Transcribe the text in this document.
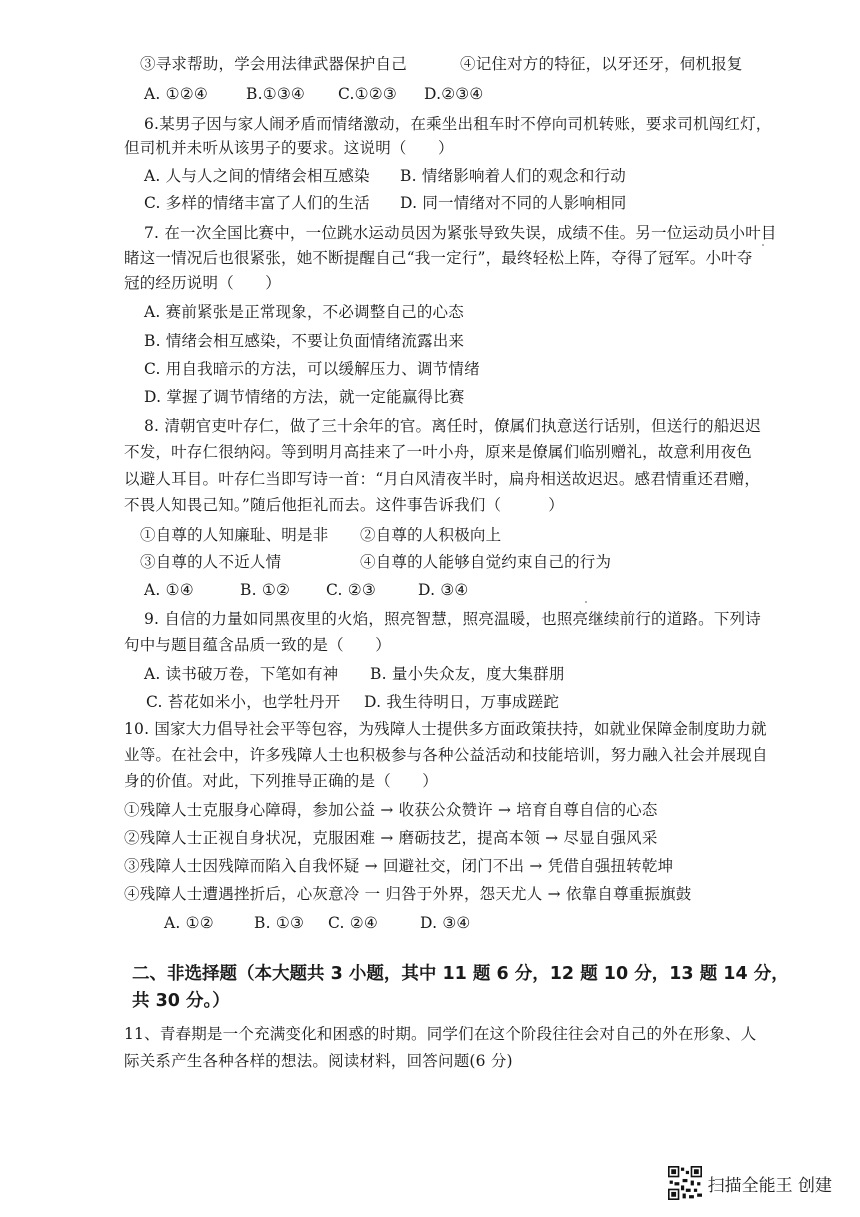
③寻求帮助，学会用法律武器保护自己	④记住对方的特征，以牙还牙，伺机报复
A. ①②④ B.①③④ C.①②③ D.②③④
6.某男子因与家人闹矛盾而情绪激动，在乘坐出租车时不停向司机转账，要求司机闯红灯，
但司机并未听从该男子的要求。这说明（　　）
A. 人与人之间的情绪会相互感染 B. 情绪影响着人们的观念和行动
C. 多样的情绪丰富了人们的生活 D. 同一情绪对不同的人影响相同
7. 在一次全国比赛中，一位跳水运动员因为紧张导致失误，成绩不佳。另一位运动员小叶目
睹这一情况后也很紧张，她不断提醒自己“我一定行”，最终轻松上阵，夺得了冠军。小叶夺
冠的经历说明（　　）
A. 赛前紧张是正常现象，不必调整自己的心态
B. 情绪会相互感染，不要让负面情绪流露出来
C. 用自我暗示的方法，可以缓解压力、调节情绪
D. 掌握了调节情绪的方法，就一定能赢得比赛
8. 清朝官吏叶存仁，做了三十余年的官。离任时，僚属们执意送行话别，但送行的船迟迟
不发，叶存仁很纳闷。等到明月高挂来了一叶小舟，原来是僚属们临别赠礼，故意利用夜色
以避人耳目。叶存仁当即写诗一首：“月白风清夜半时，扁舟相送故迟迟。感君情重还君赠，
不畏人知畏己知。”随后他拒礼而去。这件事告诉我们（　　　）
①自尊的人知廉耻、明是非 ②自尊的人积极向上
③自尊的人不近人情	④自尊的人能够自觉约束自己的行为
A. ①④	B. ①② C. ②③	D. ③④
9. 自信的力量如同黑夜里的火焰，照亮智慧，照亮温暖，也照亮继续前行的道路。下列诗
句中与题目蕴含品质一致的是（　　）
A. 读书破万卷，下笔如有神 B. 量小失众友，度大集群朋
C. 苔花如米小，也学牡丹开 D. 我生待明日，万事成蹉跎
10. 国家大力倡导社会平等包容，为残障人士提供多方面政策扶持，如就业保障金制度助力就
业等。在社会中，许多残障人士也积极参与各种公益活动和技能培训，努力融入社会并展现自
身的价值。对此，下列推导正确的是（　　）
①残障人士克服身心障碍，参加公益 → 收获公众赞许 → 培育自尊自信的心态
②残障人士正视自身状况，克服困难 → 磨砺技艺，提高本领 → 尽显自强风采
③残障人士因残障而陷入自我怀疑 → 回避社交，闭门不出 → 凭借自强扭转乾坤
④残障人士遭遇挫折后，心灰意冷 一 归咎于外界，怨天尤人 → 依靠自尊重振旗鼓
A. ①②	B. ①③ C. ②④	D. ③④
二、非选择题（本大题共 3 小题，其中 11 题 6 分，12 题 10 分，13 题 14 分，
共 30 分。）
11、青春期是一个充满变化和困惑的时期。同学们在这个阶段往往会对自己的外在形象、人
际关系产生各种各样的想法。阅读材料，回答问题(6 分)
扫描全能王 创建
